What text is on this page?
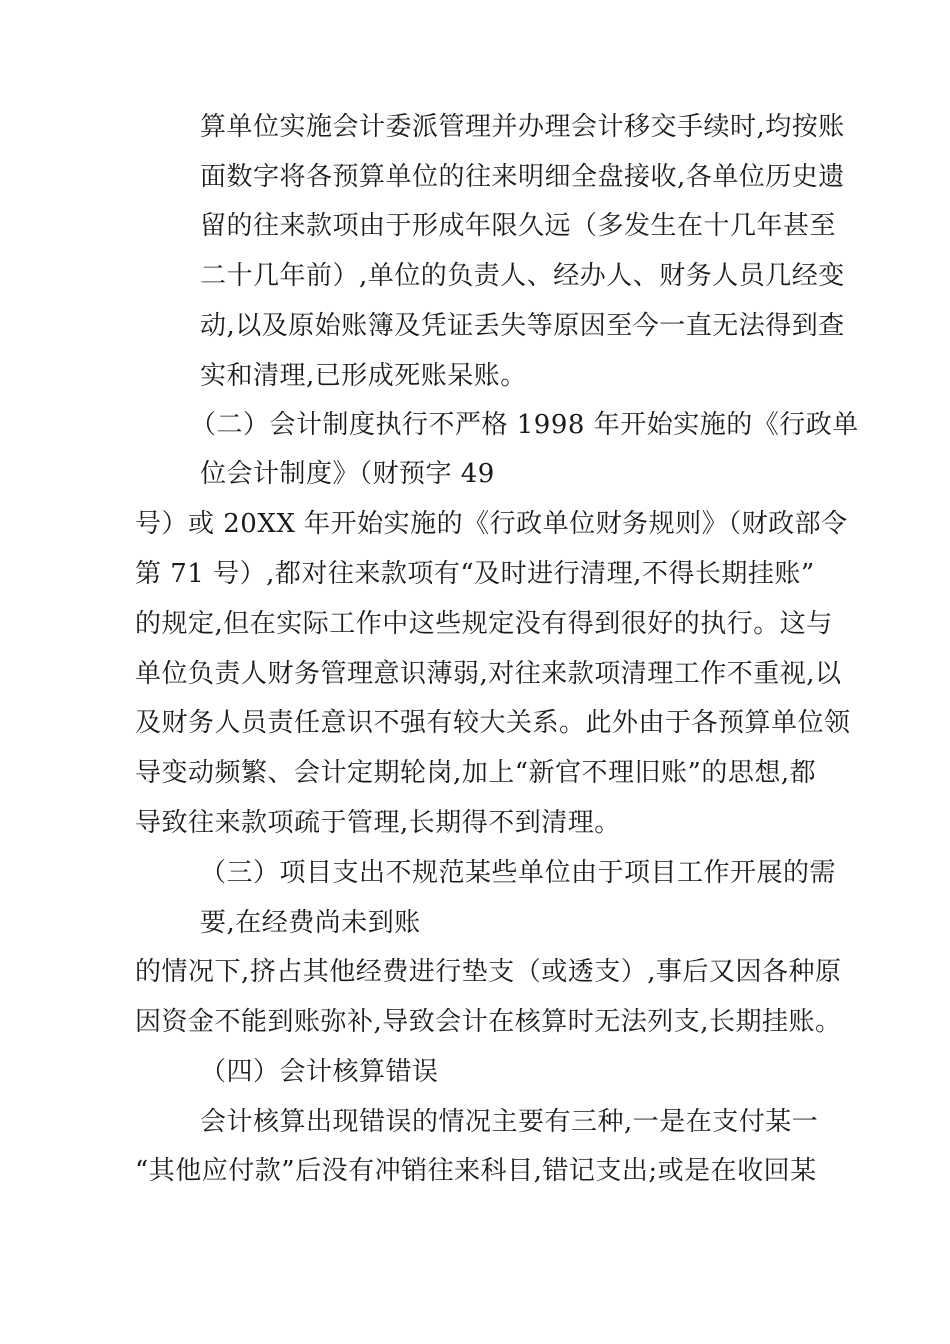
算单位实施会计委派管理并办理会计移交手续时,均按账
面数字将各预算单位的往来明细全盘接收,各单位历史遗
留的往来款项由于形成年限久远（多发生在十几年甚至
二十几年前）,单位的负责人、经办人、财务人员几经变
动,以及原始账簿及凭证丢失等原因至今一直无法得到查
实和清理,已形成死账呆账。
（二）会计制度执行不严格 1998 年开始实施的《行政单
位会计制度》（财预字 49
号）或 20XX 年开始实施的《行政单位财务规则》（财政部令
第 71 号）,都对往来款项有“及时进行清理,不得长期挂账”
的规定,但在实际工作中这些规定没有得到很好的执行。这与
单位负责人财务管理意识薄弱,对往来款项清理工作不重视,以
及财务人员责任意识不强有较大关系。此外由于各预算单位领
导变动频繁、会计定期轮岗,加上“新官不理旧账”的思想,都
导致往来款项疏于管理,长期得不到清理。
（三）项目支出不规范某些单位由于项目工作开展的需
要,在经费尚未到账
的情况下,挤占其他经费进行垫支（或透支）,事后又因各种原
因资金不能到账弥补,导致会计在核算时无法列支,长期挂账。
（四）会计核算错误
会计核算出现错误的情况主要有三种,一是在支付某一
“其他应付款”后没有冲销往来科目,错记支出;或是在收回某
